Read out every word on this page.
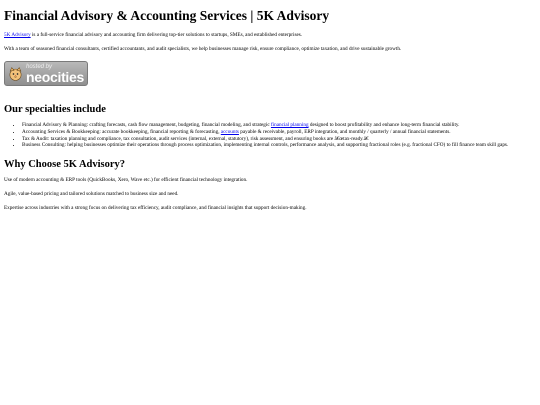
Financial Advisory & Accounting Services | 5K Advisory

5K Advisory is a full-service financial advisory and accounting firm delivering top-tier solutions to startups, SMEs, and established enterprises.

With a team of seasoned financial consultants, certified accountants, and audit specialists, we help businesses manage risk, ensure compliance, optimize taxation, and drive sustainable growth.

hosted by
neocities
Our specialties include
• Financial Advisory & Planning: crafting forecasts, cash flow management, budgeting, financial modeling, and strategic financial planning designed to boost profitability and enhance long-term financial stability.
• Accounting Services & Bookkeeping: accurate bookkeeping, financial reporting & forecasting, accounts payable & receivable, payroll, ERP integration, and monthly / quarterly / annual financial statements.
• Tax & Audit: taxation planning and compliance, tax consultation, audit services (internal, external, statutory), risk assessment, and ensuring books are â€œtax-ready.â€
• Business Consulting: helping businesses optimize their operations through process optimization, implementing internal controls, performance analysis, and supporting fractional roles (e.g. fractional CFO) to fill finance team skill gaps.
Why Choose 5K Advisory?

Use of modern accounting & ERP tools (QuickBooks, Xero, Wave etc.) for efficient financial technology integration.

Agile, value-based pricing and tailored solutions matched to business size and need.

Expertise across industries with a strong focus on delivering tax efficiency, audit compliance, and financial insights that support decision-making.
